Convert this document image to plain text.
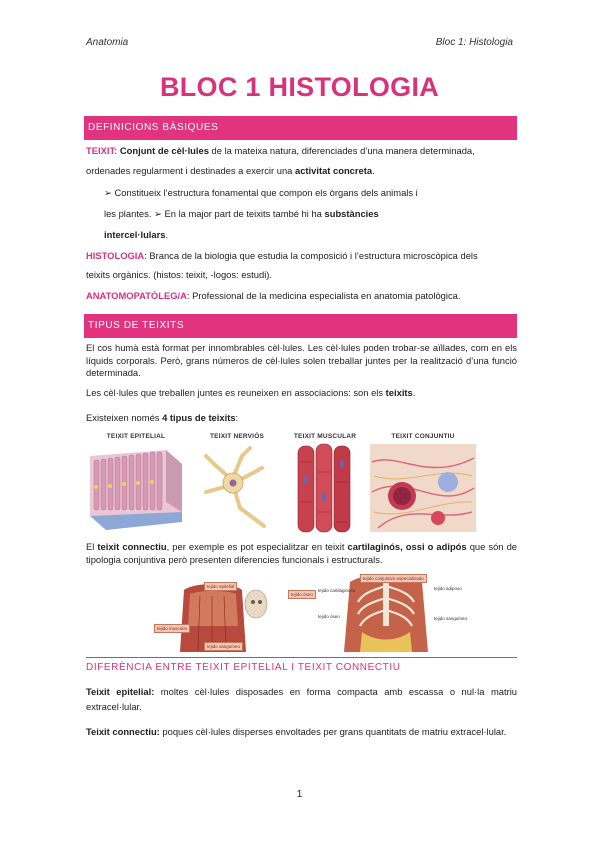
Anatomia	Bloc 1: Histologia
BLOC 1 HISTOLOGIA
DEFINICIONS BÀSIQUES
TEIXIT: Conjunt de cèl·lules de la mateixa natura, diferenciades d’una manera determinada,
ordenades regularment i destinades a exercir una activitat concreta.
➢ Constitueix l’estructura fonamental que compon els òrgans dels animals i
les plantes. ➢ En la major part de teixits també hi ha substàncies
intercel·lulars.
HISTOLOGIA: Branca de la biologia que estudia la composició i l’estructura microscòpica dels
teixits orgànics. (histos: teixit, -logos: estudi).
ANATOMOPATÒLEG/A: Professional de la medicina especialista en anatomia patològica.
TIPUS DE TEIXITS
El cos humà està format per innombrables cèl·lules. Les cèl·lules poden trobar-se aïllades, com en els líquids corporals. Però, grans números de cèl·lules solen treballar juntes per la realització d’una funció determinada.
Les cèl·lules que treballen juntes es reuneixen en associacions: son els teixits.
Existeixen només 4 tipus de teixits:
TEIXIT EPITELIAL	TEIXIT NERVIÓS	TEIXIT MUSCULAR	TEIXIT CONJUNTIU
El teixit connectiu, per exemple es pot especialitzar en teixit cartilaginós, ossi o adipós que són de tipologia conjuntiva però presenten diferencies funcionals i estructurals.
tejido epitelial
tejido muscular
tejido óseo
tejido sanguíneo
tejido conjuntivo especializado
tejido cartilaginoso	tejido adiposo
tejido óseo	tejido sanguíneo
DIFERÈNCIA ENTRE TEIXIT EPITELIAL I TEIXIT CONNECTIU
Teixit epitelial: moltes cèl·lules disposades en forma compacta amb escassa o nul·la matriu extracel·lular.
Teixit connectiu: poques cèl·lules disperses envoltades per grans quantitats de matriu extracel·lular.
1
